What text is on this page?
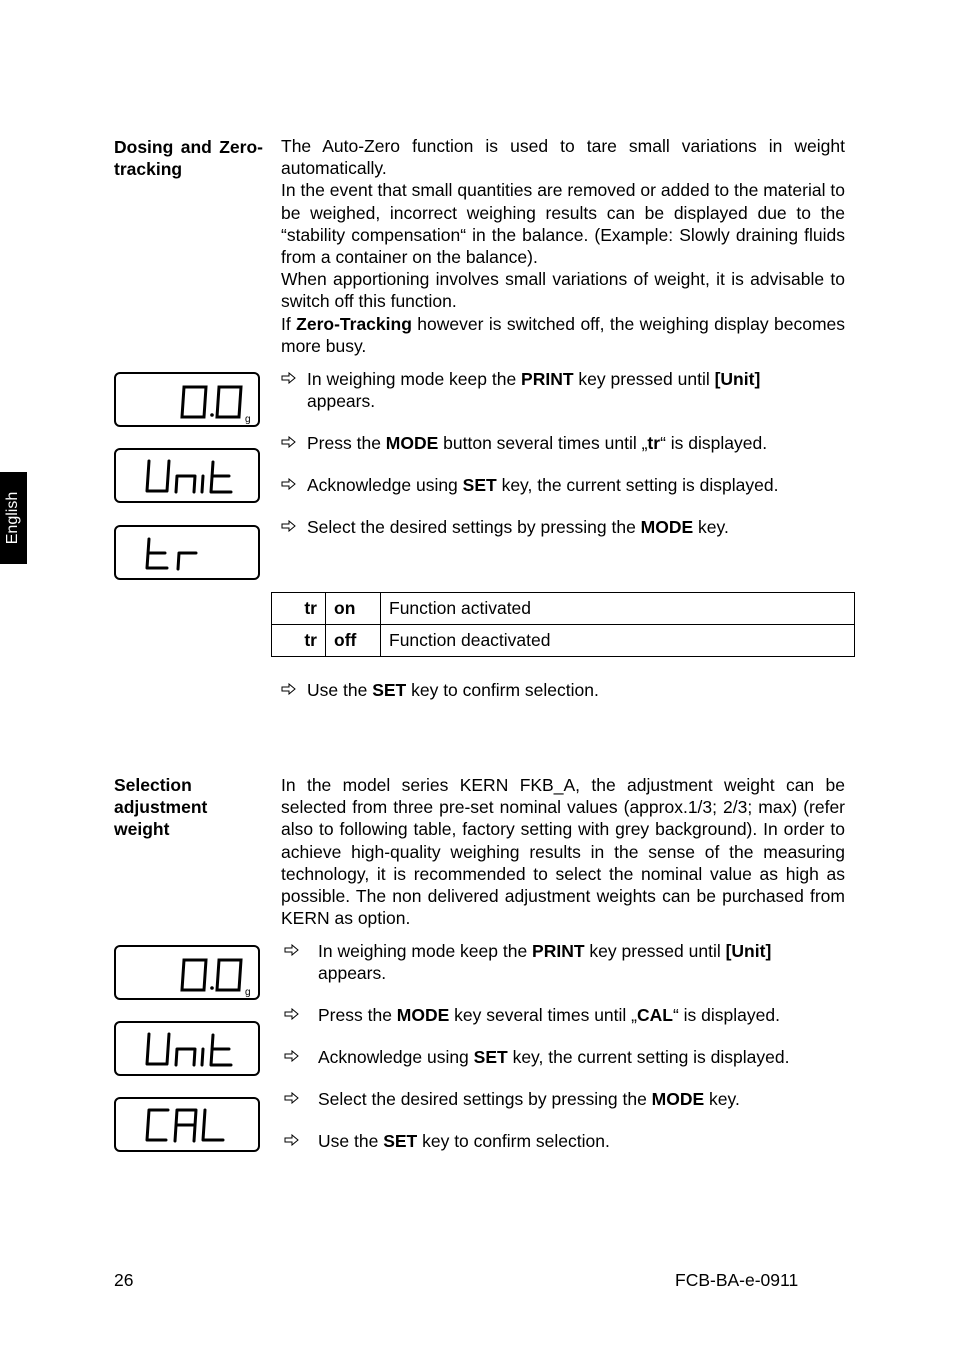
English
Dosing and Zero-tracking

The Auto-Zero function is used to tare small variations in weight automatically.

In the event that small quantities are removed or added to the material to be weighed, incorrect weighing results can be displayed due to the “stability compensation“ in the balance. (Example: Slowly draining fluids from a container on the balance).

When apportioning involves small variations of weight, it is advisable to switch off this function.

If Zero-Tracking however is switched off, the weighing display becomes more busy.

g
In weighing mode keep the PRINT key pressed until [Unit]
appears.
Press the MODE button several times until „tr“ is displayed.
Acknowledge using SET key, the current setting is displayed.
Select the desired settings by pressing the MODE key.
tr	on	Function activated
tr	off	Function deactivated
Use the SET key to confirm selection.
Selection adjustment weight

In the model series KERN FKB_A, the adjustment weight can be selected from three pre-set nominal values (approx.1/3; 2/3; max) (refer also to following table, factory setting with grey background). In order to achieve high-quality weighing results in the sense of the measuring technology, it is recommended to select the nominal value as high as possible. The non delivered adjustment weights can be purchased from KERN as option.

g
In weighing mode keep the PRINT key pressed until [Unit]
appears.
Press the MODE key several times until „CAL“ is displayed.
Acknowledge using SET key, the current setting is displayed.
Select the desired settings by pressing the MODE key.
Use the SET key to confirm selection.
26	FCB-BA-e-0911
